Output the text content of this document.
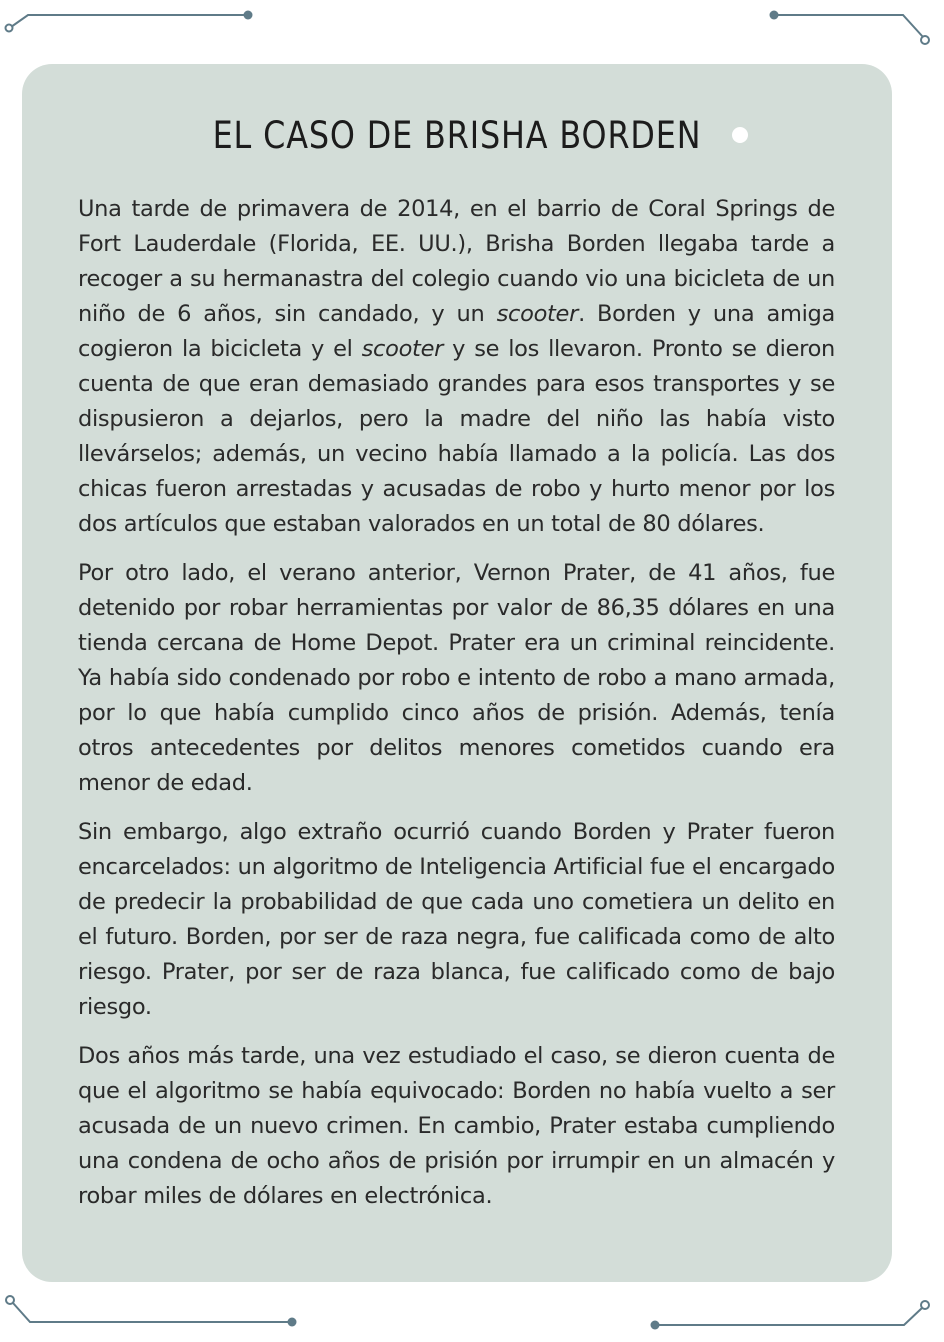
EL CASO DE BRISHA BORDEN

Una tarde de primavera de 2014, en el barrio de Coral Springs de Fort Lauderdale (Florida, EE. UU.), Brisha Borden llegaba tarde a recoger a su hermanastra del colegio cuando vio una bicicleta de un niño de 6 años, sin candado, y un scooter. Borden y una amiga cogieron la bicicleta y el scooter y se los llevaron. Pronto se dieron cuenta de que eran demasiado grandes para esos transportes y se dispusieron a dejarlos, pero la madre del niño las había visto llevárselos; además, un vecino había llamado a la policía. Las dos chicas fueron arrestadas y acusadas de robo y hurto menor por los dos artículos que estaban valorados en un total de 80 dólares.

Por otro lado, el verano anterior, Vernon Prater, de 41 años, fue detenido por robar herramientas por valor de 86,35 dólares en una tienda cercana de Home Depot. Prater era un criminal reincidente. Ya había sido condenado por robo e intento de robo a mano armada, por lo que había cumplido cinco años de prisión. Además, tenía otros antecedentes por delitos menores cometidos cuando era menor de edad.

Sin embargo, algo extraño ocurrió cuando Borden y Prater fueron encarcelados: un algoritmo de Inteligencia Artificial fue el encargado de predecir la probabilidad de que cada uno cometiera un delito en el futuro. Borden, por ser de raza negra, fue calificada como de alto riesgo. Prater, por ser de raza blanca, fue calificado como de bajo riesgo.

Dos años más tarde, una vez estudiado el caso, se dieron cuenta de que el algoritmo se había equivocado: Borden no había vuelto a ser acusada de un nuevo crimen. En cambio, Prater estaba cumpliendo una condena de ocho años de prisión por irrumpir en un almacén y robar miles de dólares en electrónica.
